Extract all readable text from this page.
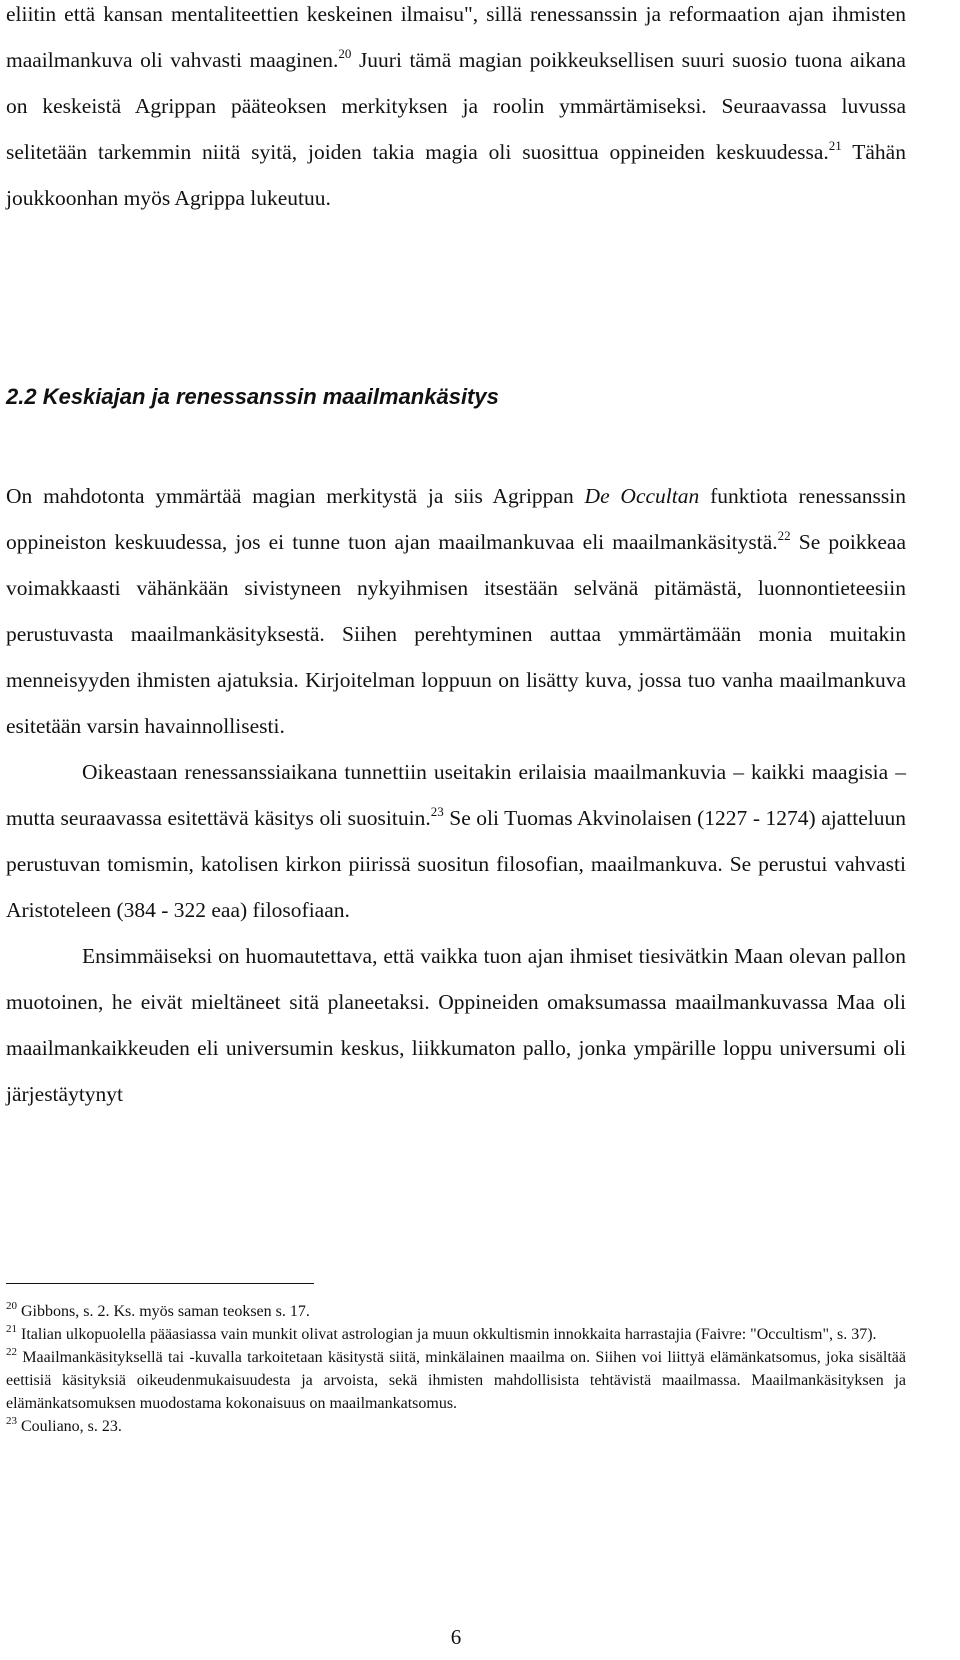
eliitin että kansan mentaliteettien keskeinen ilmaisu", sillä renessanssin ja reformaation ajan ihmisten maailmankuva oli vahvasti maaginen.$^{20}$ Juuri tämä magian poikkeuksellisen suuri suosio tuona aikana on keskeistä Agrippan pääteoksen merkityksen ja roolin ymmärtämiseksi. Seuraavassa luvussa selitetään tarkemmin niitä syitä, joiden takia magia oli suosittua oppineiden keskuudessa.$^{21}$ Tähän joukkoonhan myös Agrippa lukeutuu.

2.2 Keskiajan ja renessanssin maailmankäsitys

On mahdotonta ymmärtää magian merkitystä ja siis Agrippan De Occultan funktiota renessanssin oppineiston keskuudessa, jos ei tunne tuon ajan maailmankuvaa eli maailmankäsitystä.$^{22}$ Se poikkeaa voimakkaasti vähänkään sivistyneen nykyihmisen itsestään selvänä pitämästä, luonnontieteesiin perustuvasta maailmankäsityksestä. Siihen perehtyminen auttaa ymmärtämään monia muitakin menneisyyden ihmisten ajatuksia. Kirjoitelman loppuun on lisätty kuva, jossa tuo vanha maailmankuva esitetään varsin havainnollisesti.

Oikeastaan renessanssiaikana tunnettiin useitakin erilaisia maailmankuvia – kaikki maagisia – mutta seuraavassa esitettävä käsitys oli suosituin.$^{23}$ Se oli Tuomas Akvinolaisen (1227 - 1274) ajatteluun perustuvan tomismin, katolisen kirkon piirissä suositun filosofian, maailmankuva. Se perustui vahvasti Aristoteleen (384 - 322 eaa) filosofiaan.

Ensimmäiseksi on huomautettava, että vaikka tuon ajan ihmiset tiesivätkin Maan olevan pallon muotoinen, he eivät mieltäneet sitä planeetaksi. Oppineiden omaksumassa maailmankuvassa Maa oli maailmankaikkeuden eli universumin keskus, liikkumaton pallo, jonka ympärille loppu universumi oli järjestäytynyt

$^{20}$ Gibbons, s. 2. Ks. myös saman teoksen s. 17.

$^{21}$ Italian ulkopuolella pääasiassa vain munkit olivat astrologian ja muun okkultismin innokkaita harrastajia (Faivre: "Occultism", s. 37).

$^{22}$ Maailmankäsityksellä tai -kuvalla tarkoitetaan käsitystä siitä, minkälainen maailma on. Siihen voi liittyä elämänkatsomus, joka sisältää eettisiä käsityksiä oikeudenmukaisuudesta ja arvoista, sekä ihmisten mahdollisista tehtävistä maailmassa. Maailmankäsityksen ja elämänkatsomuksen muodostama kokonaisuus on maailmankatsomus.

$^{23}$ Couliano, s. 23.

6
